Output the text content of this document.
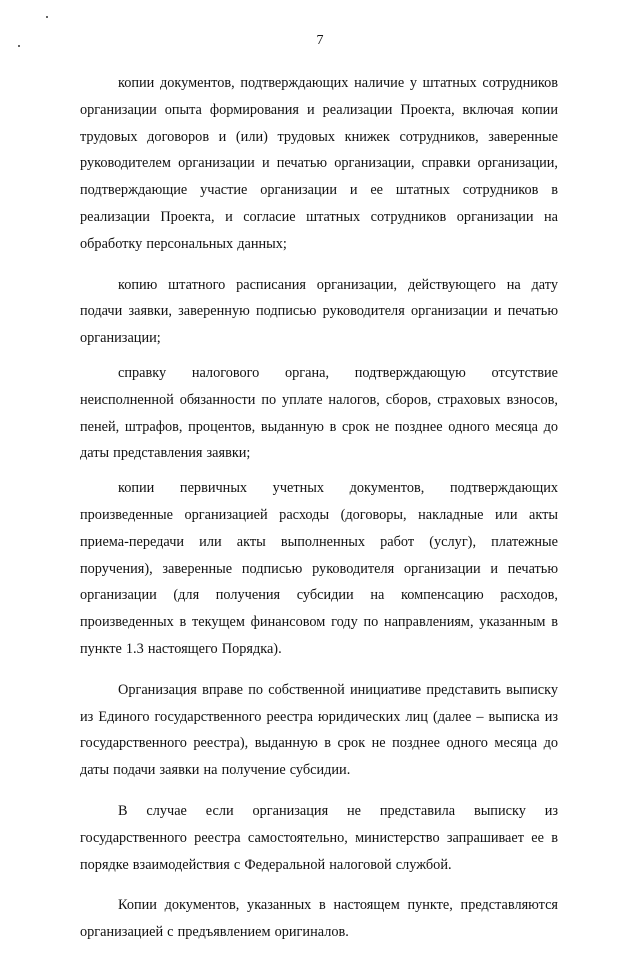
7

копии документов, подтверждающих наличие у штатных сотрудников организации опыта формирования и реализации Проекта, включая копии трудовых договоров и (или) трудовых книжек сотрудников, заверенные руководителем организации и печатью организации, справки организации, подтверждающие участие организации и ее штатных сотрудников в реализации Проекта, и согласие штатных сотрудников организации на обработку персональных данных;

копию штатного расписания организации, действующего на дату подачи заявки, заверенную подписью руководителя организации и печатью организации;

справку налогового органа, подтверждающую отсутствие неисполненной обязанности по уплате налогов, сборов, страховых взносов, пеней, штрафов, процентов, выданную в срок не позднее одного месяца до даты представления заявки;

копии первичных учетных документов, подтверждающих произведенные организацией расходы (договоры, накладные или акты приема-передачи или акты выполненных работ (услуг), платежные поручения), заверенные подписью руководителя организации и печатью организации (для получения субсидии на компенсацию расходов, произведенных в текущем финансовом году по направлениям, указанным в пункте 1.3 настоящего Порядка).

Организация вправе по собственной инициативе представить выписку из Единого государственного реестра юридических лиц (далее – выписка из государственного реестра), выданную в срок не позднее одного месяца до даты подачи заявки на получение субсидии.

В случае если организация не представила выписку из государственного реестра самостоятельно, министерство запрашивает ее в порядке взаимодействия с Федеральной налоговой службой.

Копии документов, указанных в настоящем пункте, представляются организацией с предъявлением оригиналов.
